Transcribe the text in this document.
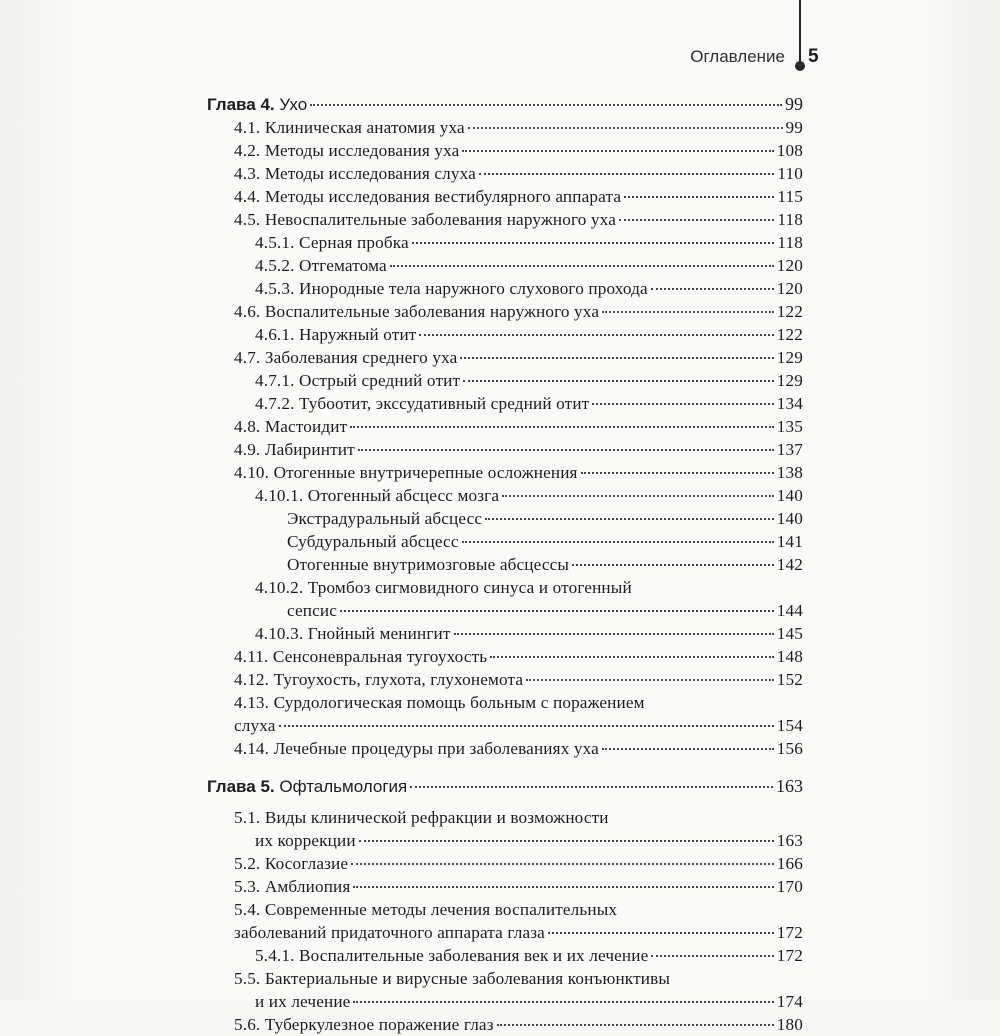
Оглавление 5
Глава 4. Ухо	99
4.1. Клиническая анатомия уха	99
4.2. Методы исследования уха	108
4.3. Методы исследования слуха	110
4.4. Методы исследования вестибулярного аппарата	115
4.5. Невоспалительные заболевания наружного уха	118
4.5.1. Серная пробка	118
4.5.2. Отгематома	120
4.5.3. Инородные тела наружного слухового прохода	120
4.6. Воспалительные заболевания наружного уха	122
4.6.1. Наружный отит	122
4.7. Заболевания среднего уха	129
4.7.1. Острый средний отит	129
4.7.2. Тубоотит, экссудативный средний отит	134
4.8. Мастоидит	135
4.9. Лабиринтит	137
4.10. Отогенные внутричерепные осложнения	138
4.10.1. Отогенный абсцесс мозга	140
Экстрадуральный абсцесс	140
Субдуральный абсцесс	141
Отогенные внутримозговые абсцессы	142
4.10.2. Тромбоз сигмовидного синуса и отогенный
сепсис	144
4.10.3. Гнойный менингит	145
4.11. Сенсоневральная тугоухость	148
4.12. Тугоухость, глухота, глухонемота	152
4.13. Сурдологическая помощь больным с поражением
слуха	154
4.14. Лечебные процедуры при заболеваниях уха	156
Глава 5. Офтальмология	163
5.1. Виды клинической рефракции и возможности
их коррекции	163
5.2. Косоглазие	166
5.3. Амблиопия	170
5.4. Современные методы лечения воспалительных
заболеваний придаточного аппарата глаза	172
5.4.1. Воспалительные заболевания век и их лечение	172
5.5. Бактериальные и вирусные заболевания конъюнктивы
и их лечение	174
5.6. Туберкулезное поражение глаз	180
